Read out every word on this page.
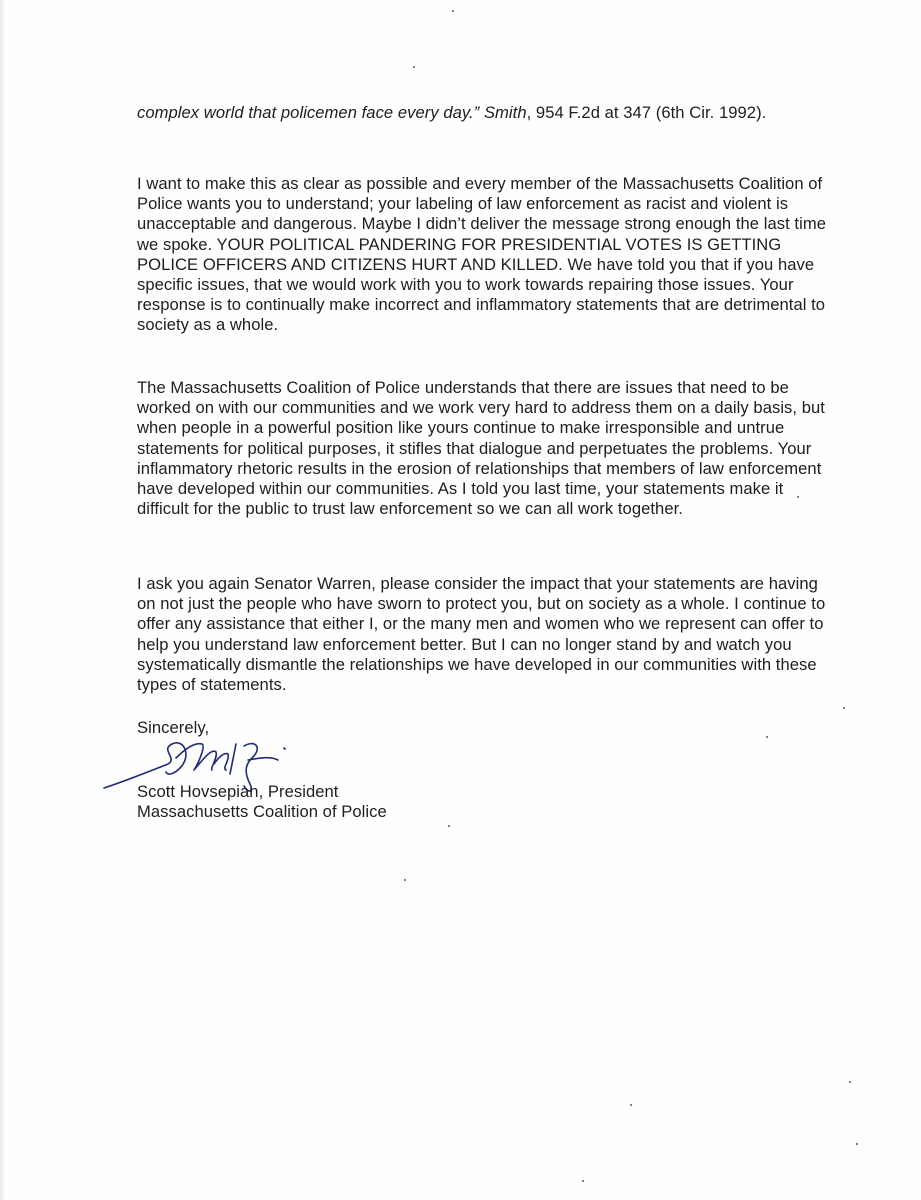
complex world that policemen face every day.” Smith, 954 F.2d at 347 (6th Cir. 1992).

I want to make this as clear as possible and every member of the Massachusetts Coalition of Police wants you to understand; your labeling of law enforcement as racist and violent is unacceptable and dangerous. Maybe I didn’t deliver the message strong enough the last time we spoke. YOUR POLITICAL PANDERING FOR PRESIDENTIAL VOTES IS GETTING POLICE OFFICERS AND CITIZENS HURT AND KILLED. We have told you that if you have specific issues, that we would work with you to work towards repairing those issues. Your response is to continually make incorrect and inflammatory statements that are detrimental to society as a whole.

The Massachusetts Coalition of Police understands that there are issues that need to be worked on with our communities and we work very hard to address them on a daily basis, but when people in a powerful position like yours continue to make irresponsible and untrue statements for political purposes, it stifles that dialogue and perpetuates the problems. Your inflammatory rhetoric results in the erosion of relationships that members of law enforcement have developed within our communities. As I told you last time, your statements make it difficult for the public to trust law enforcement so we can all work together.

I ask you again Senator Warren, please consider the impact that your statements are having on not just the people who have sworn to protect you, but on society as a whole. I continue to offer any assistance that either I, or the many men and women who we represent can offer to help you understand law enforcement better. But I can no longer stand by and watch you systematically dismantle the relationships we have developed in our communities with these types of statements.

Sincerely,
Scott Hovsepian, President
Massachusetts Coalition of Police
